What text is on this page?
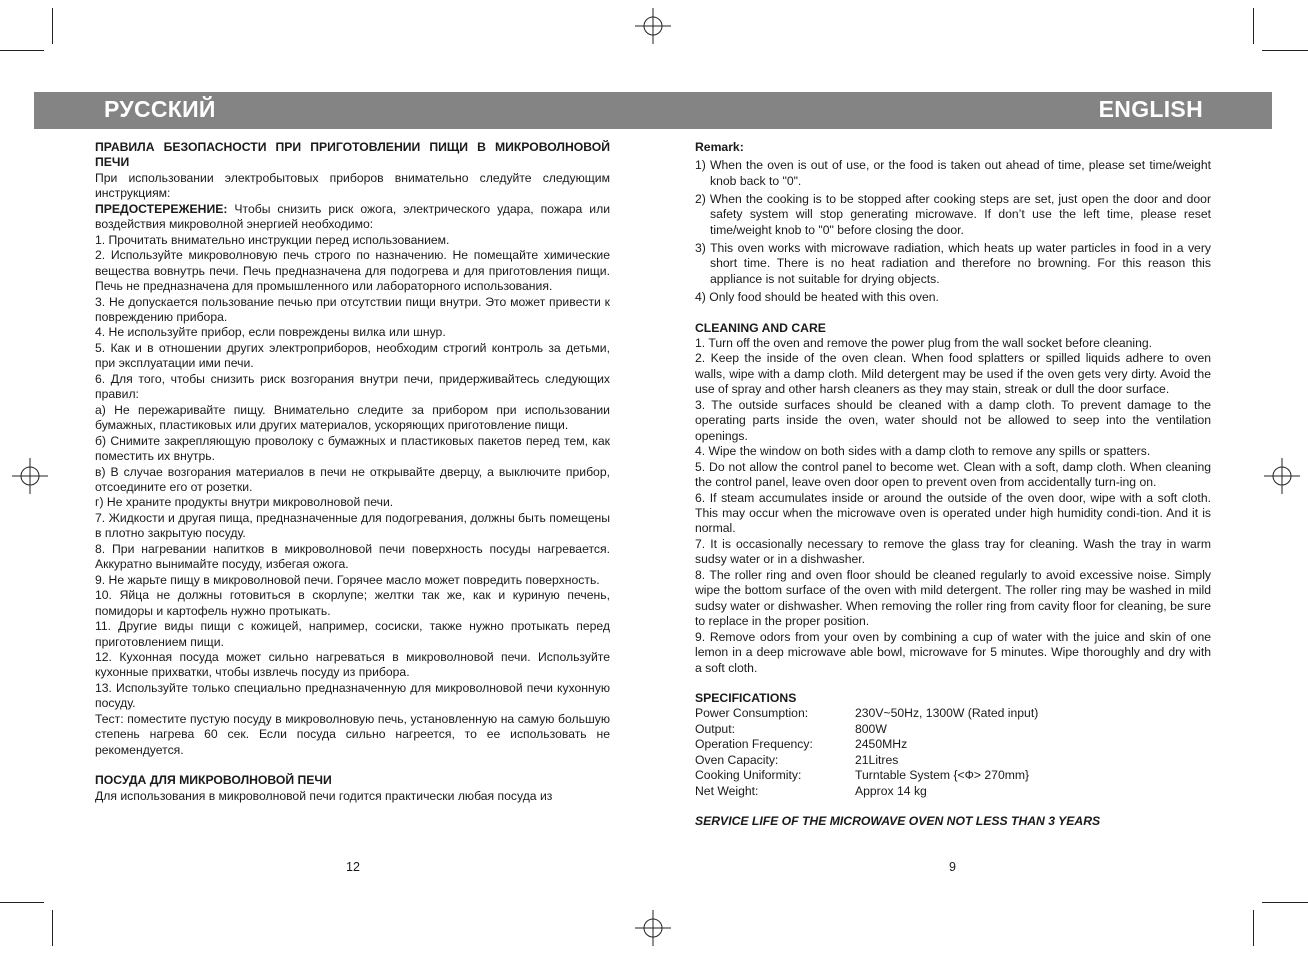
РУССКИЙ	ENGLISH
ПРАВИЛА БЕЗОПАСНОСТИ ПРИ ПРИГОТОВЛЕНИИ ПИЩИ В МИКРОВОЛНОВОЙ ПЕЧИ
При использовании электробытовых приборов внимательно следуйте следующим инструкциям:
ПРЕДОСТЕРЕЖЕНИЕ: Чтобы снизить риск ожога, электрического удара, пожара или воздействия микроволной энергией необходимо:
1. Прочитать внимательно инструкции перед использованием.
2. Используйте микроволновую печь строго по назначению. Не помещайте химические вещества вовнутрь печи. Печь предназначена для подогрева и для приготовления пищи. Печь не предназначена для промышленного или лабораторного использования.
3. Не допускается пользование печью при отсутствии пищи внутри. Это может привести к повреждению прибора.
4. Не используйте прибор, если повреждены вилка или шнур.
5. Как и в отношении других электроприборов, необходим строгий контроль за детьми, при эксплуатации ими печи.
6. Для того, чтобы снизить риск возгорания внутри печи, придерживайтесь следующих правил:
а) Не пережаривайте пищу. Внимательно следите за прибором при использовании бумажных, пластиковых или других материалов, ускоряющих приготовление пищи.
б) Снимите закрепляющую проволоку с бумажных и пластиковых пакетов перед тем, как поместить их внутрь.
в) В случае возгорания материалов в печи не открывайте дверцу, а выключите прибор, отсоедините его от розетки.
г) Не храните продукты внутри микроволновой печи.
7. Жидкости и другая пища, предназначенные для подогревания, должны быть помещены в плотно закрытую посуду.
8. При нагревании напитков в микроволновой печи поверхность посуды нагревается. Аккуратно вынимайте посуду, избегая ожога.
9. Не жарьте пищу в микроволновой печи. Горячее масло может повредить поверхность.
10. Яйца не должны готовиться в скорлупе; желтки так же, как и куриную печень, помидоры и картофель нужно протыкать.
11. Другие виды пищи с кожицей, например, сосиски, также нужно протыкать перед приготовлением пищи.
12. Кухонная посуда может сильно нагреваться в микроволновой печи. Используйте кухонные прихватки, чтобы извлечь посуду из прибора.
13. Используйте только специально предназначенную для микроволновой печи кухонную посуду.
Тест: поместите пустую посуду в микроволновую печь, установленную на самую большую степень нагрева 60 сек. Если посуда сильно нагреется, то ее использовать не рекомендуется.
ПОСУДА ДЛЯ МИКРОВОЛНОВОЙ ПЕЧИ
Для использования в микроволновой печи годится практически любая посуда из
Remark:
1) When the oven is out of use, or the food is taken out ahead of time, please set time/weight knob back to "0".
2) When the cooking is to be stopped after cooking steps are set, just open the door and door safety system will stop generating microwave. If don’t use the left time, please reset time/weight knob to "0" before closing the door.
3) This oven works with microwave radiation, which heats up water particles in food in a very short time. There is no heat radiation and therefore no browning. For this reason this appliance is not suitable for drying objects.
4) Only food should be heated with this oven.
CLEANING AND CARE
1. Turn off the oven and remove the power plug from the wall socket before cleaning.
2. Keep the inside of the oven clean. When food splatters or spilled liquids adhere to oven walls, wipe with a damp cloth. Mild detergent may be used if the oven gets very dirty. Avoid the use of spray and other harsh cleaners as they may stain, streak or dull the door surface.
3. The outside surfaces should be cleaned with a damp cloth. To prevent damage to the operating parts inside the oven, water should not be allowed to seep into the ventilation openings.
4. Wipe the window on both sides with a damp cloth to remove any spills or spatters.
5. Do not allow the control panel to become wet. Clean with a soft, damp cloth. When cleaning the control panel, leave oven door open to prevent oven from accidentally turn-ing on.
6. If steam accumulates inside or around the outside of the oven door, wipe with a soft cloth. This may occur when the microwave oven is operated under high humidity condi-tion. And it is normal.
7. It is occasionally necessary to remove the glass tray for cleaning. Wash the tray in warm sudsy water or in a dishwasher.
8. The roller ring and oven floor should be cleaned regularly to avoid excessive noise. Simply wipe the bottom surface of the oven with mild detergent. The roller ring may be washed in mild sudsy water or dishwasher. When removing the roller ring from cavity floor for cleaning, be sure to replace in the proper position.
9. Remove odors from your oven by combining a cup of water with the juice and skin of one lemon in a deep microwave able bowl, microwave for 5 minutes. Wipe thoroughly and dry with a soft cloth.
SPECIFICATIONS
Power Consumption:	230V~50Hz, 1300W (Rated input)
Output:	800W
Operation Frequency:	2450MHz
Oven Capacity:	21Litres
Cooking Uniformity:	Turntable System {<Ф> 270mm}
Net Weight:	Approx 14 kg
SERVICE LIFE OF THE MICROWAVE OVEN NOT LESS THAN 3 YEARS
12	9
